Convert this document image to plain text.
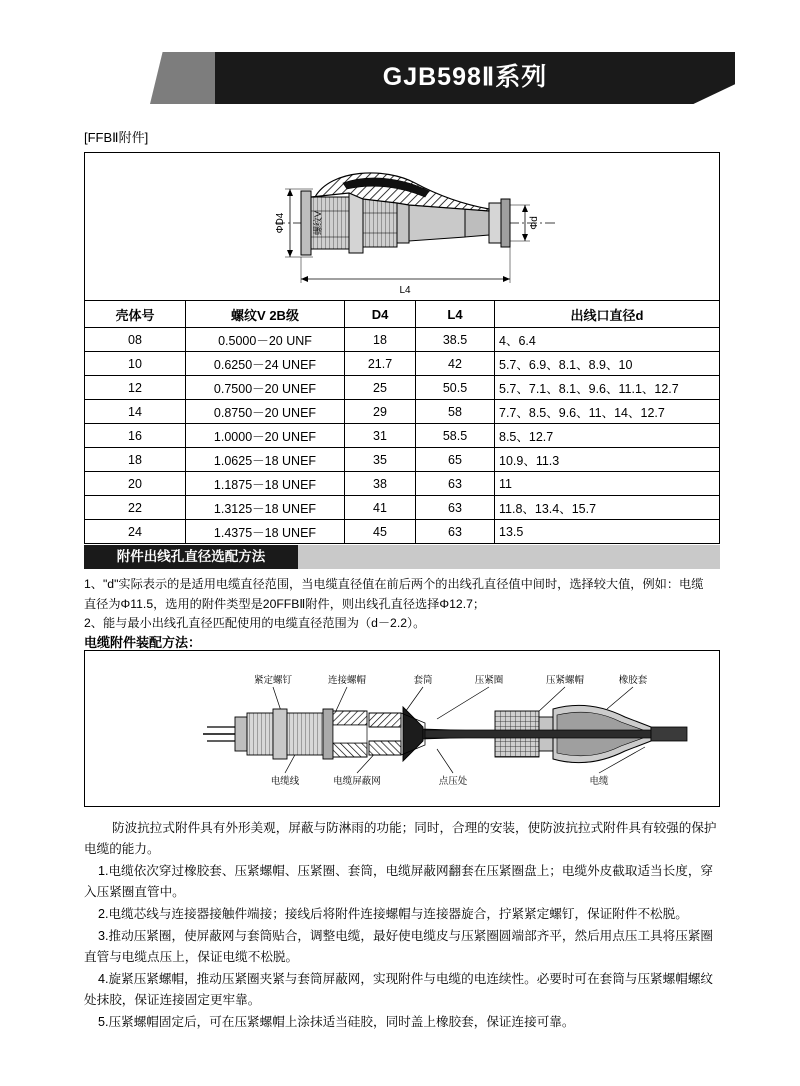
GJB598Ⅱ系列
[FFBⅡ附件]
ΦD4	螺纹V	Φd
L4
壳体号	螺纹V 2B级	D4	L4	出线口直径d
08	0.5000－20 UNF	18	38.5	4、6.4
10	0.6250－24 UNEF	21.7	42	5.7、6.9、8.1、8.9、10
12	0.7500－20 UNEF	25	50.5	5.7、7.1、8.1、9.6、11.1、12.7
14	0.8750－20 UNEF	29	58	7.7、8.5、9.6、11、14、12.7
16	1.0000－20 UNEF	31	58.5	8.5、12.7
18	1.0625－18 UNEF	35	65	10.9、11.3
20	1.1875－18 UNEF	38	63	11
22	1.3125－18 UNEF	41	63	11.8、13.4、15.7
24	1.4375－18 UNEF	45	63	13.5
附件出线孔直径选配方法

1、"d"实际表示的是适用电缆直径范围，当电缆直径值在前后两个的出线孔直径值中间时，选择较大值，例如：电缆

直径为Φ11.5，选用的附件类型是20FFBⅡ附件，则出线孔直径选择Φ12.7；

2、能与最小出线孔直径匹配使用的电缆直径范围为（d－2.2）。

电缆附件装配方法：
紧定螺钉	连接螺帽	套筒	压紧圈	压紧螺帽	橡胶套
电缆线	电缆屏蔽网	点压处	电缆

防波抗拉式附件具有外形美观，屏蔽与防淋雨的功能；同时，合理的安装，使防波抗拉式附件具有较强的保护电缆的能力。

1.电缆依次穿过橡胶套、压紧螺帽、压紧圈、套筒，电缆屏蔽网翻套在压紧圈盘上；电缆外皮截取适当长度，穿入压紧圈直管中。

2.电缆芯线与连接器接触件端接；接线后将附件连接螺帽与连接器旋合，拧紧紧定螺钉，保证附件不松脱。

3.推动压紧圈，使屏蔽网与套筒贴合，调整电缆，最好使电缆皮与压紧圈圆端部齐平，然后用点压工具将压紧圈直管与电缆点压上，保证电缆不松脱。

4.旋紧压紧螺帽，推动压紧圈夹紧与套筒屏蔽网，实现附件与电缆的电连续性。必要时可在套筒与压紧螺帽螺纹处抹胶，保证连接固定更牢靠。

5.压紧螺帽固定后，可在压紧螺帽上涂抹适当硅胶，同时盖上橡胶套，保证连接可靠。
